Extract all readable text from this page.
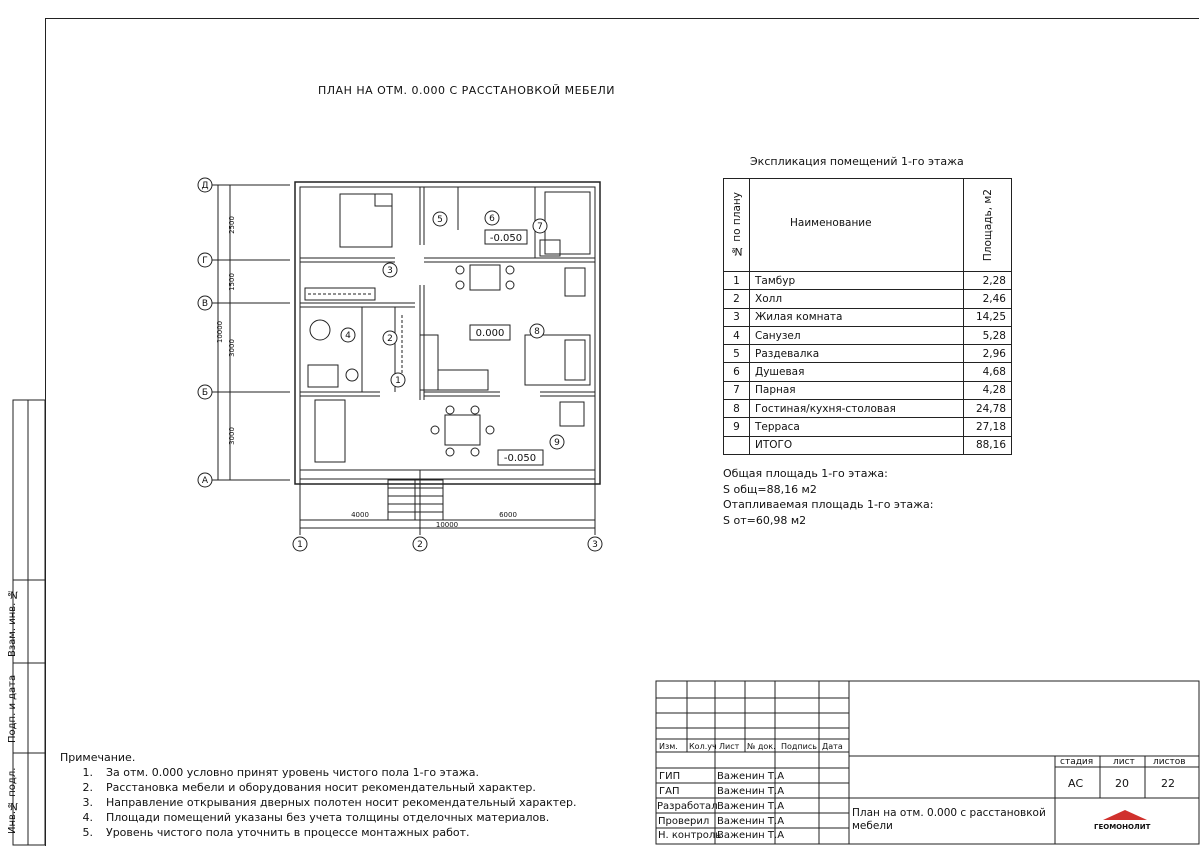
Взам. инв. №
Подп. и дата
Инв.№ подл.
ПЛАН НА ОТМ. 0.000 С РАССТАНОВКОЙ МЕБЕЛИ
Д
Г
В
Б
А
1	2	3
2500
1500
3000
3000
10000
4000	6000
10000
1
2
3
4
5	6
7
8
9
-0.050
0.000
-0.050
Экспликация помещений 1-го этажа
№ по плану	Наименование	Площадь, м2

1	Тамбур	2,28
2	Холл	2,46
3	Жилая комната	14,25
4	Санузел	5,28
5	Раздевалка	2,96
6	Душевая	4,68
7	Парная	4,28
8	Гостиная/кухня-столовая	24,78
9	Терраса	27,18
	ИТОГО	88,16
Общая площадь 1-го этажа:
S общ=88,16 м2
Отапливаемая площадь 1-го этажа:
S от=60,98 м2
Примечание.
1.	За отм. 0.000 условно принят уровень чистого пола 1-го этажа.
2.	Расстановка мебели и оборудования носит рекомендательный характер.
3.	Направление открывания дверных полотен носит рекомендательный характер.
4.	Площади помещений указаны без учета толщины отделочных материалов.
5.	Уровень чистого пола уточнить в процессе монтажных работ.
Изм. Кол.уч Лист № док. Подпись Дата
ГИП	Важенин Т.А
ГАП	Важенин Т.А
Разработал Важенин Т.А
Проверил Важенин Т.А
Н. контроль
Важенин Т.А
стадия лист листов
АС	20	22
План на отм. 0.000 с расстановкой мебели	ГЕОМОНОЛИТ
